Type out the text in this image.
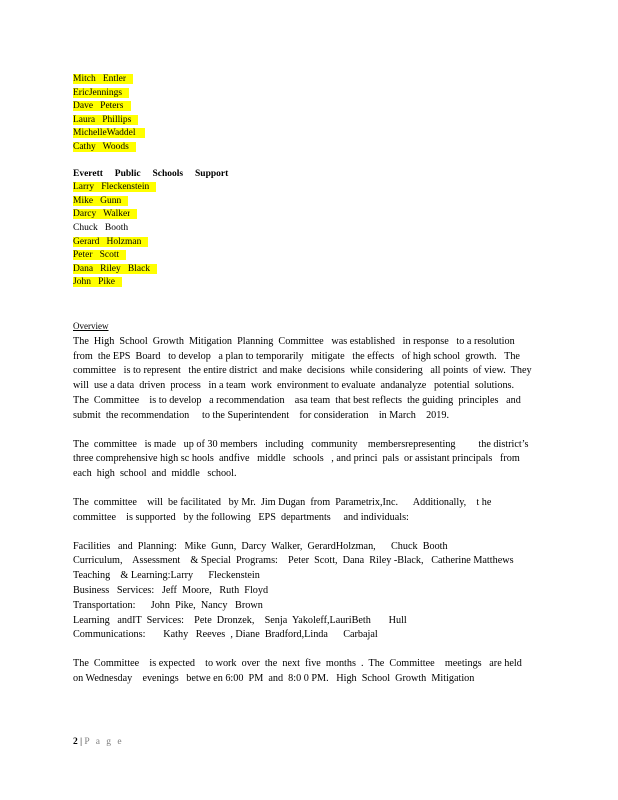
Mitch   Entler
EricJennings
Dave   Peters
Laura   Phillips
MichelleWaddel
Cathy   Woods
Everett     Public     Schools     Support
Larry   Fleckenstein
Mike   Gunn
Darcy   Walker
Chuck   Booth
Gerard   Holzman
Peter   Scott
Dana   Riley   Black
John   Pike
Overview

The  High  School  Growth  Mitigation  Planning  Committee   was established   in response   to a resolution   from  the EPS  Board   to develop   a plan to temporarily   mitigate   the effects   of high school  growth.   The  committee   is to represent   the entire district  and make  decisions  while considering   all points  of view.  They  will  use a data  driven  process   in a team  work  environment to evaluate  andanalyze   potential  solutions.    The  Committee    is to develop   a recommendation    asa team  that best reflects  the guiding  principles   and submit  the recommendation     to the Superintendent    for consideration    in March    2019.

The  committee   is made   up of 30 members   including   community    membersrepresenting         the district’s three comprehensive high sc hools  andfive   middle   schools   , and princi  pals  or assistant principals   from   each  high  school  and  middle   school.

The  committee    will  be facilitated   by Mr.  Jim Dugan  from  Parametrix,Inc.      Additionally,    t he committee    is supported   by the following   EPS  departments     and individuals:

Facilities   and  Planning:   Mike  Gunn,  Darcy  Walker,  GerardHolzman,      Chuck  Booth

Curriculum,    Assessment    & Special  Programs:    Peter  Scott,  Dana  Riley -Black,   Catherine Matthews

Teaching    & Learning:Larry      Fleckenstein

Business   Services:   Jeff  Moore,   Ruth  Floyd

Transportation:      John  Pike,  Nancy   Brown

Learning   andIT  Services:    Pete  Dronzek,    Senja  Yakoleff,LauriBeth       Hull

Communications:       Kathy   Reeves  , Diane  Bradford,Linda      Carbajal

The  Committee    is expected    to work  over  the  next  five  months  .  The  Committee    meetings   are held  on Wednesday    evenings   betwe en 6:00  PM  and  8:0 0 PM.   High  School  Growth  Mitigation

2 | P a g e
